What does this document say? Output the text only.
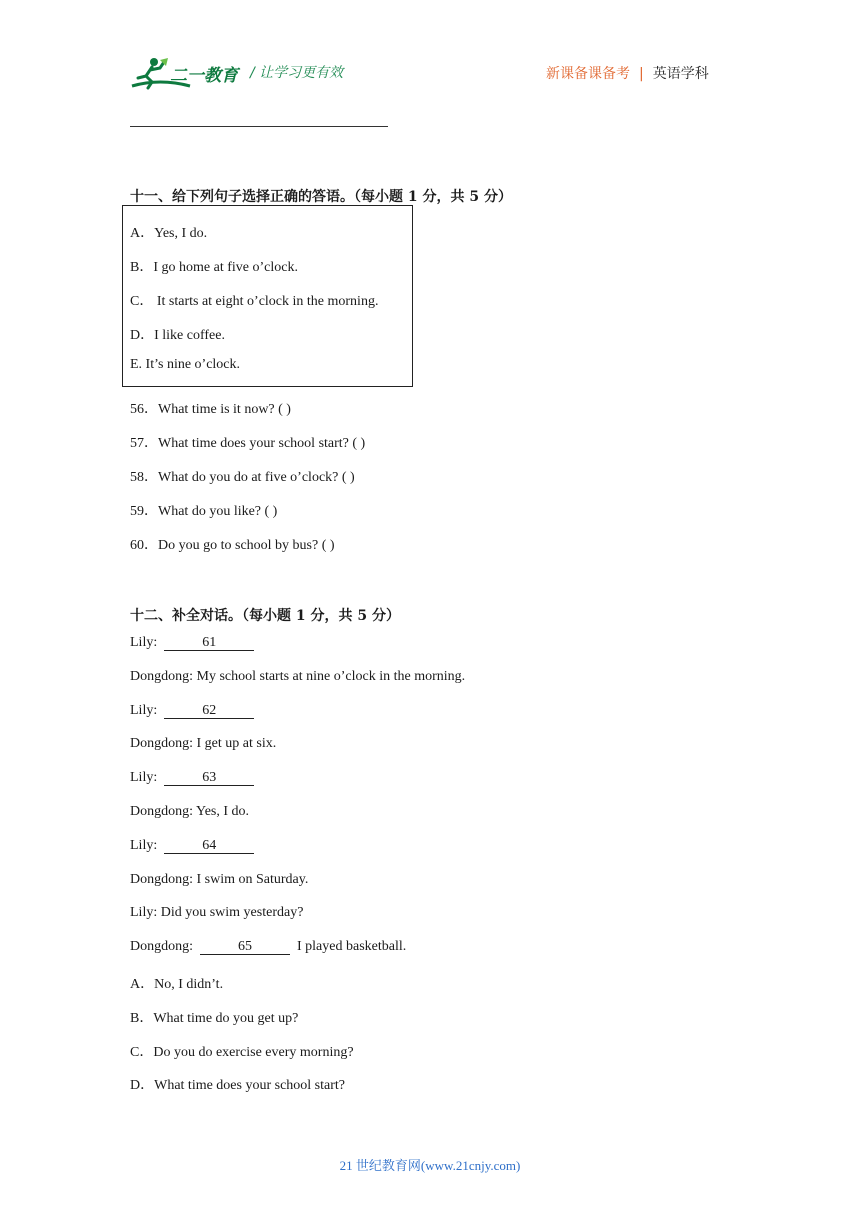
二一教育 / 让学习更有效	新课备课备考 | 英语学科
十一、给下列句子选择正确的答语。（每小题 1 分，共 5 分）
A．Yes, I do.
B．I go home at five o’clock.
C． It starts at eight o’clock in the morning.
D．I like coffee.
E. It’s nine o’clock.
56．What time is it now? ( )
57．What time does your school start? ( )
58．What do you do at five o’clock? ( )
59．What do you like? ( )
60．Do you go to school by bus? ( )
十二、补全对话。（每小题 1 分，共 5 分）
Lily:	61
Dongdong: My school starts at nine o’clock in the morning.
Lily:	62
Dongdong: I get up at six.
Lily:	63
Dongdong: Yes, I do.
Lily:	64
Dongdong: I swim on Saturday.
Lily: Did you swim yesterday?
Dongdong:	65	I played basketball.
A．No, I didn’t.
B．What time do you get up?
C．Do you do exercise every morning?
D．What time does your school start?
21 世纪教育网(www.21cnjy.com)
